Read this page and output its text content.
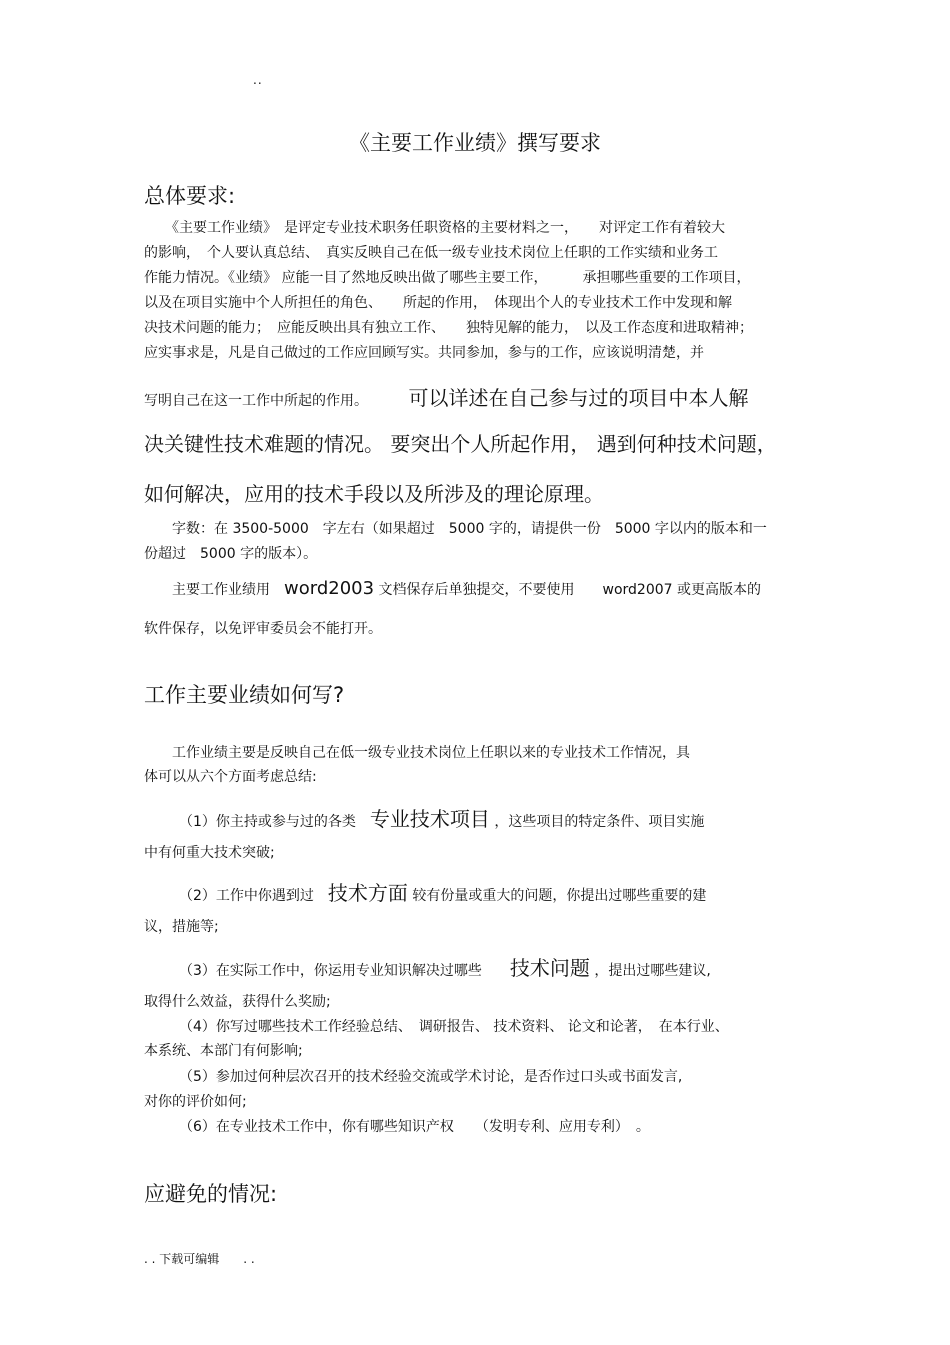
..
《主要工作业绩》撰写要求
总体要求:
　　《主要工作业绩》　是评定专业技术职务任职资格的主要材料之一，　　对评定工作有着较大
的影响，　个人要认真总结、　真实反映自己在低一级专业技术岗位上任职的工作实绩和业务工
作能力情况。《业绩》 应能一目了然地反映出做了哪些主要工作，　　　承担哪些重要的工作项目，
以及在项目实施中个人所担任的角色、　　所起的作用，　体现出个人的专业技术工作中发现和解
决技术问题的能力；　应能反映出具有独立工作、　　独特见解的能力，　以及工作态度和进取精神；
应实事求是，凡是自己做过的工作应回顾写实。共同参加，参与的工作，应该说明清楚，并
写明自己在这一工作中所起的作用。 可以详述在自己参与过的项目中本人解
决关键性技术难题的情况。 要突出个人所起作用， 遇到何种技术问题，
如何解决，应用的技术手段以及所涉及的理论原理。
　　字数：在 3500-5000　字左右（如果超过　5000 字的，请提供一份　5000 字以内的版本和一
份超过　5000 字的版本）。
　　主要工作业绩用　word2003 文档保存后单独提交，不要使用　　word2007 或更高版本的
软件保存，以免评审委员会不能打开。
工作主要业绩如何写?
　　工作业绩主要是反映自己在低一级专业技术岗位上任职以来的专业技术工作情况，具
体可以从六个方面考虑总结:
　　　（1）你主持或参与过的各类　专业技术项目 ，这些项目的特定条件、项目实施
中有何重大技术突破;
　　　（2）工作中你遇到过　技术方面 较有份量或重大的问题，你提出过哪些重要的建
议，措施等;
　　　（3）在实际工作中，你运用专业知识解决过哪些　　技术问题 ，提出过哪些建议,
取得什么效益，获得什么奖励;
　　　（4）你写过哪些技术工作经验总结、　调研报告、 技术资料、 论文和论著，　在本行业、
本系统、本部门有何影响;
　　　（5）参加过何种层次召开的技术经验交流或学术讨论，是否作过口头或书面发言,
对你的评价如何;
　　　（6）在专业技术工作中，你有哪些知识产权　　（发明专利、应用专利）　。
应避免的情况:
. . 下载可编辑　　. .
